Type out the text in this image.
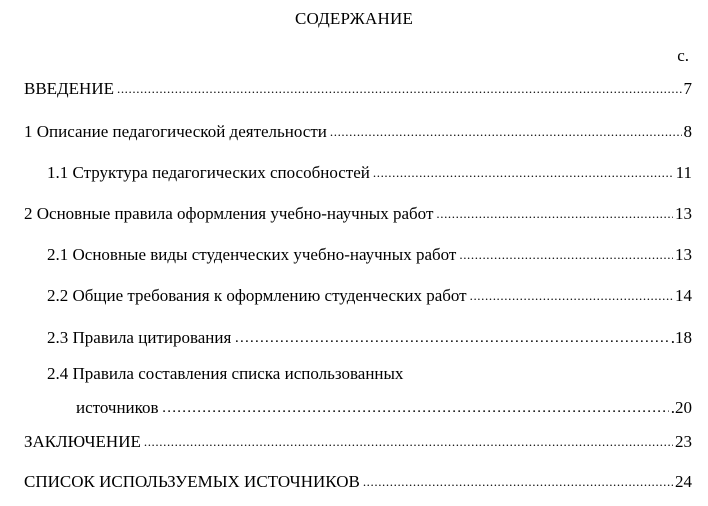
СОДЕРЖАНИЕ
с.
ВВЕДЕНИЕ .....	7
1 Описание педагогической деятельности .....	8
1.1 Структура педагогических способностей .....	11
2 Основные правила оформления учебно-научных работ .....	13
2.1 Основные виды студенческих учебно-научных работ .....	13
2.2 Общие требования к оформлению студенческих работ .....	14
2.3 Правила цитирования ………………………………………………………………………………………………………………………………………………………………	.18
2.4 Правила составления списка использованных
источников ………………………………………………………………………………………………………………………………………………………………	.20
ЗАКЛЮЧЕНИЕ .....	23
СПИСОК ИСПОЛЬЗУЕМЫХ ИСТОЧНИКОВ .....	24
